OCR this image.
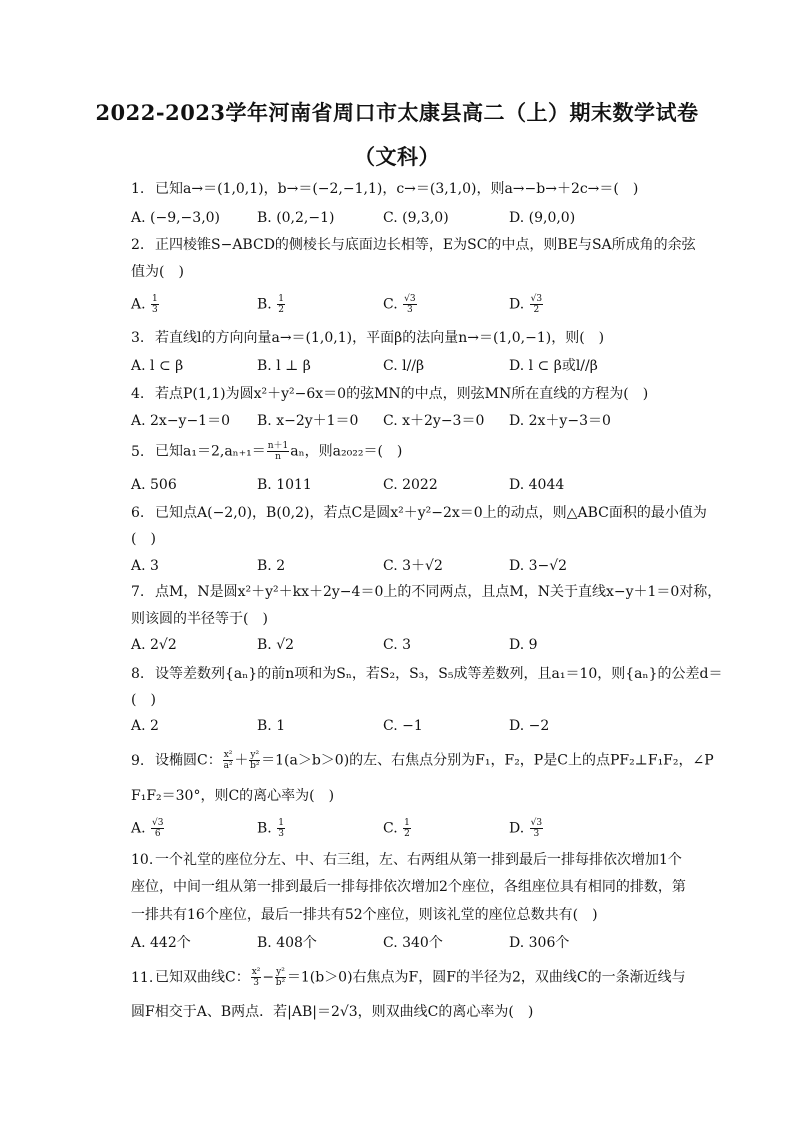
2022-2023学年河南省周口市太康县高二（上）期末数学试卷
（文科）
1. 已知a→＝(1,0,1)，b→＝(−2,−1,1)，c→＝(3,1,0)，则a→−b→＋2c→＝(　)
A. (−9,−3,0)	B. (0,2,−1)	C. (9,3,0)	D. (9,0,0)
2. 正四棱锥S−ABCD的侧棱长与底面边长相等，E为SC的中点，则BE与SA所成角的余弦
值为(　)
A. $\frac{1}{3}$	B. $\frac{1}{2}$	C. $\frac{√3}{3}$	D. $\frac{√3}{2}$
3. 若直线l的方向向量a→＝(1,0,1)，平面β的法向量n→＝(1,0,−1)，则(　)
A. l ⊂ β	B. l ⊥ β	C. l//β	D. l ⊂ β或l//β
4. 若点P(1,1)为圆x²＋y²−6x＝0的弦MN的中点，则弦MN所在直线的方程为(　)
A. 2x−y−1＝0 B. x−2y＋1＝0 C. x＋2y−3＝0 D. 2x＋y−3＝0
5. 已知$a_1=2,a_{n+1}= \frac{n+1}{n}$ aₙ，则a₂₀₂₂＝(　)
A. 506	B. 1011	C. 2022	D. 4044
6. 已知点A(−2,0)，B(0,2)，若点C是圆x²＋y²−2x＝0上的动点，则△ABC面积的最小值为
(　)
A. 3	B. 2	C. 3＋√2	D. 3−√2
7. 点M，N是圆x²＋y²＋kx＋2y−4＝0上的不同两点，且点M，N关于直线x−y＋1＝0对称，
则该圆的半径等于(　)
A. 2√2	B. √2	C. 3	D. 9
8. 设等差数列{aₙ}的前n项和为Sₙ，若S₂，S₃，S₅成等差数列，且a₁＝10，则{aₙ}的公差d＝
(　)
A. 2	B. 1	C. −1	D. −2
9. 设椭圆C： $\frac{\text{x²}}{\text{a²}} + \frac{\text{y²}}{\text{b²}} =1(a>b>0)$的左、右焦点分别为F₁，F₂，P是C上的点PF₂⊥F₁F₂，∠P
F₁F₂＝30°，则C的离心率为(　)
A. $\frac{√3}{6}$	B. $\frac{1}{3}$	C. $\frac{1}{2}$	D. $\frac{√3}{3}$
10. 一个礼堂的座位分左、中、右三组，左、右两组从第一排到最后一排每排依次增加1个
座位，中间一组从第一排到最后一排每排依次增加2个座位，各组座位具有相同的排数，第
一排共有16个座位，最后一排共有52个座位，则该礼堂的座位总数共有(　)
A. 442个	B. 408个	C. 340个	D. 306个
11. 已知双曲线C： $\frac{\text{x²}}{3} - \frac{\text{y²}}{\text{b²}} =1(b>0)$右焦点为F，圆F的半径为2，双曲线C的一条渐近线与
圆F相交于A、B两点．若|AB|＝2√3，则双曲线C的离心率为(　)
